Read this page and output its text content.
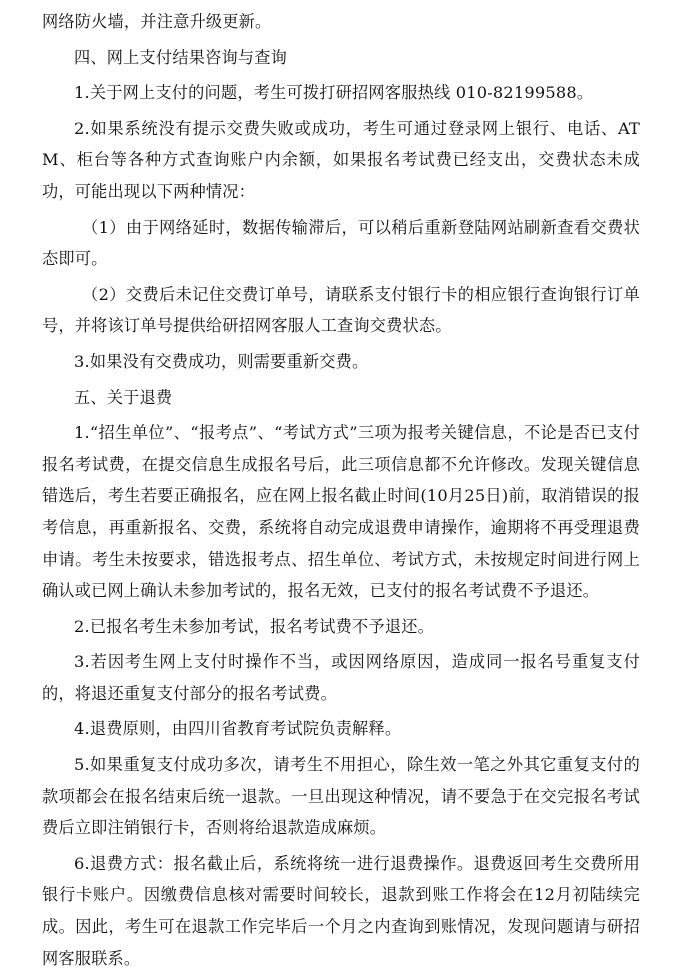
网络防火墙，并注意升级更新。

四、网上支付结果咨询与查询

1.关于网上支付的问题，考生可拨打研招网客服热线 010-82199588。

2.如果系统没有提示交费失败或成功，考生可通过登录网上银行、电话、ATM、柜台等各种方式查询账户内余额，如果报名考试费已经支出，交费状态未成功，可能出现以下两种情况：

（1）由于网络延时，数据传输滞后，可以稍后重新登陆网站刷新查看交费状态即可。

（2）交费后未记住交费订单号，请联系支付银行卡的相应银行查询银行订单号，并将该订单号提供给研招网客服人工查询交费状态。

3.如果没有交费成功，则需要重新交费。

五、关于退费

1.“招生单位”、“报考点”、“考试方式”三项为报考关键信息，不论是否已支付报名考试费，在提交信息生成报名号后，此三项信息都不允许修改。发现关键信息错选后，考生若要正确报名，应在网上报名截止时间(10月25日)前，取消错误的报考信息，再重新报名、交费，系统将自动完成退费申请操作，逾期将不再受理退费申请。考生未按要求，错选报考点、招生单位、考试方式，未按规定时间进行网上确认或已网上确认未参加考试的，报名无效，已支付的报名考试费不予退还。

2.已报名考生未参加考试，报名考试费不予退还。

3.若因考生网上支付时操作不当，或因网络原因，造成同一报名号重复支付的，将退还重复支付部分的报名考试费。

4.退费原则，由四川省教育考试院负责解释。

5.如果重复支付成功多次，请考生不用担心，除生效一笔之外其它重复支付的款项都会在报名结束后统一退款。一旦出现这种情况，请不要急于在交完报名考试费后立即注销银行卡，否则将给退款造成麻烦。

6.退费方式：报名截止后，系统将统一进行退费操作。退费返回考生交费所用银行卡账户。因缴费信息核对需要时间较长，退款到账工作将会在12月初陆续完成。因此，考生可在退款工作完毕后一个月之内查询到账情况，发现问题请与研招网客服联系。
